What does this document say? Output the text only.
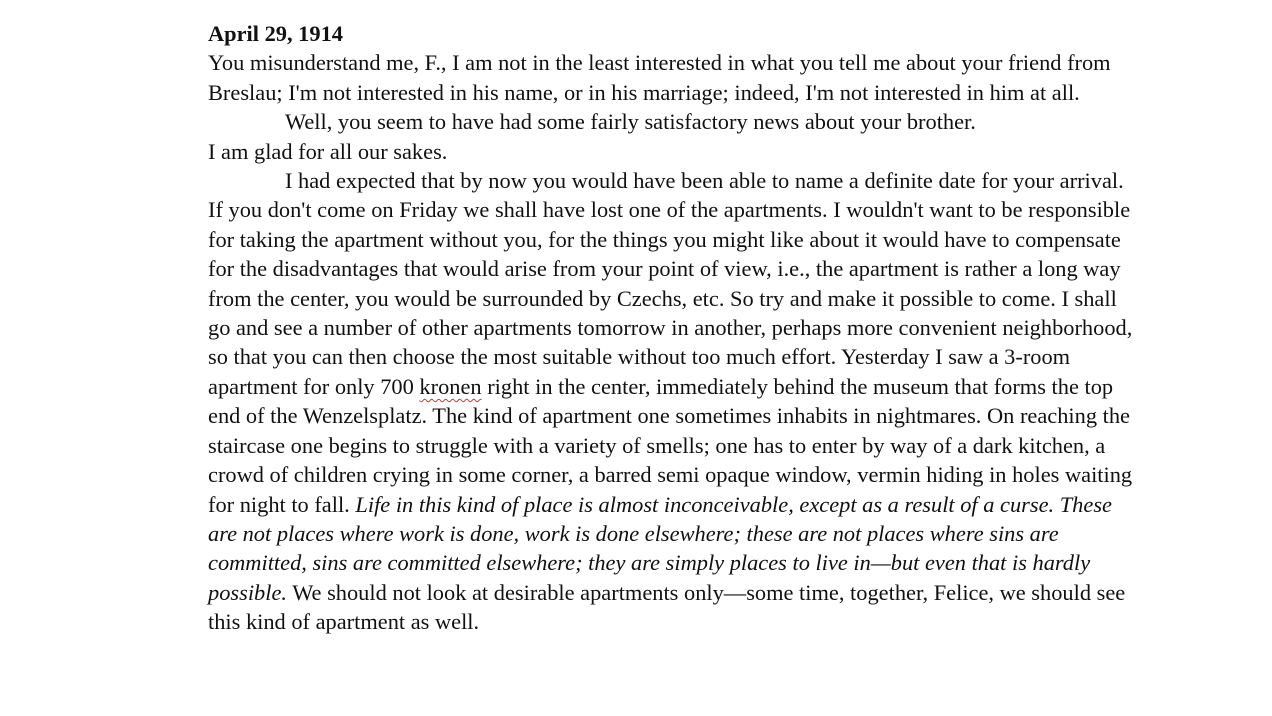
April 29, 1914

You misunderstand me, F., I am not in the least interested in what you tell me about your friend from Breslau; I'm not interested in his name, or in his marriage; indeed, I'm not interested in him at all.

Well, you seem to have had some fairly satisfactory news about your brother.

I am glad for all our sakes.

I had expected that by now you would have been able to name a definite date for your arrival. If you don't come on Friday we shall have lost one of the apartments. I wouldn't want to be responsible for taking the apartment without you, for the things you might like about it would have to compensate for the disadvantages that would arise from your point of view, i.e., the apartment is rather a long way from the center, you would be surrounded by Czechs, etc. So try and make it possible to come. I shall go and see a number of other apartments tomorrow in another, perhaps more convenient neighborhood, so that you can then choose the most suitable without too much effort. Yesterday I saw a 3-room apartment for only 700 kronen right in the center, immediately behind the museum that forms the top end of the Wenzelsplatz. The kind of apartment one sometimes inhabits in nightmares. On reaching the staircase one begins to struggle with a variety of smells; one has to enter by way of a dark kitchen, a crowd of children crying in some corner, a barred semi opaque window, vermin hiding in holes waiting for night to fall. Life in this kind of place is almost inconceivable, except as a result of a curse. These are not places where work is done, work is done elsewhere; these are not places where sins are committed, sins are committed elsewhere; they are simply places to live in—but even that is hardly possible. We should not look at desirable apartments only—some time, together, Felice, we should see this kind of apartment as well.
